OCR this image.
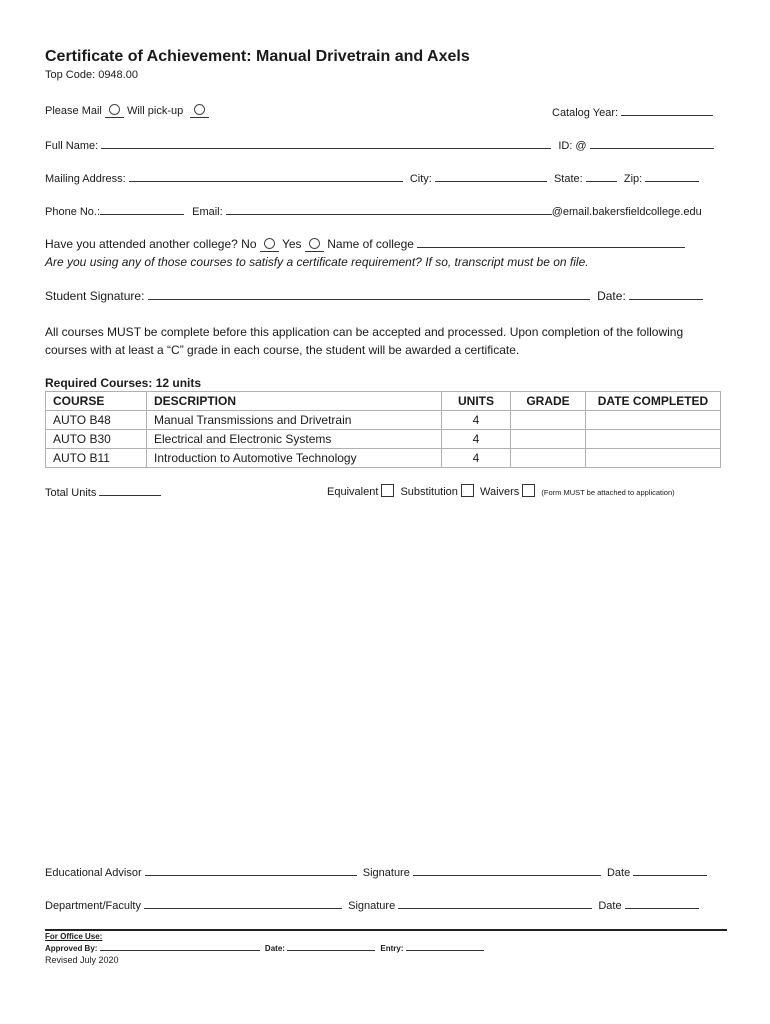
Certificate of Achievement: Manual Drivetrain and Axels
Top Code: 0948.00
Please Mail Will pick-up	Catalog Year:
Full Name:	ID: @
Mailing Address:	City:	State:	Zip:
Phone No.:	Email:	@email.bakersfieldcollege.edu
Have you attended another college? No Yes Name of college
Are you using any of those courses to satisfy a certificate requirement? If so, transcript must be on file.
Student Signature:	Date:
All courses MUST be complete before this application can be accepted and processed. Upon completion of the following courses with at least a “C” grade in each course, the student will be awarded a certificate.
Required Courses: 12 units
COURSE	DESCRIPTION	UNITS	GRADE	DATE COMPLETED
AUTO B48	Manual Transmissions and Drivetrain	4		
AUTO B30	Electrical and Electronic Systems	4		
AUTO B11	Introduction to Automotive Technology	4		
Total Units	Equivalent Substitution Waivers	(Form MUST be attached to application)
Educational Advisor	Signature	Date
Department/Faculty	Signature	Date
For Office Use:
Approved By:	Date:	Entry:
Revised July 2020
